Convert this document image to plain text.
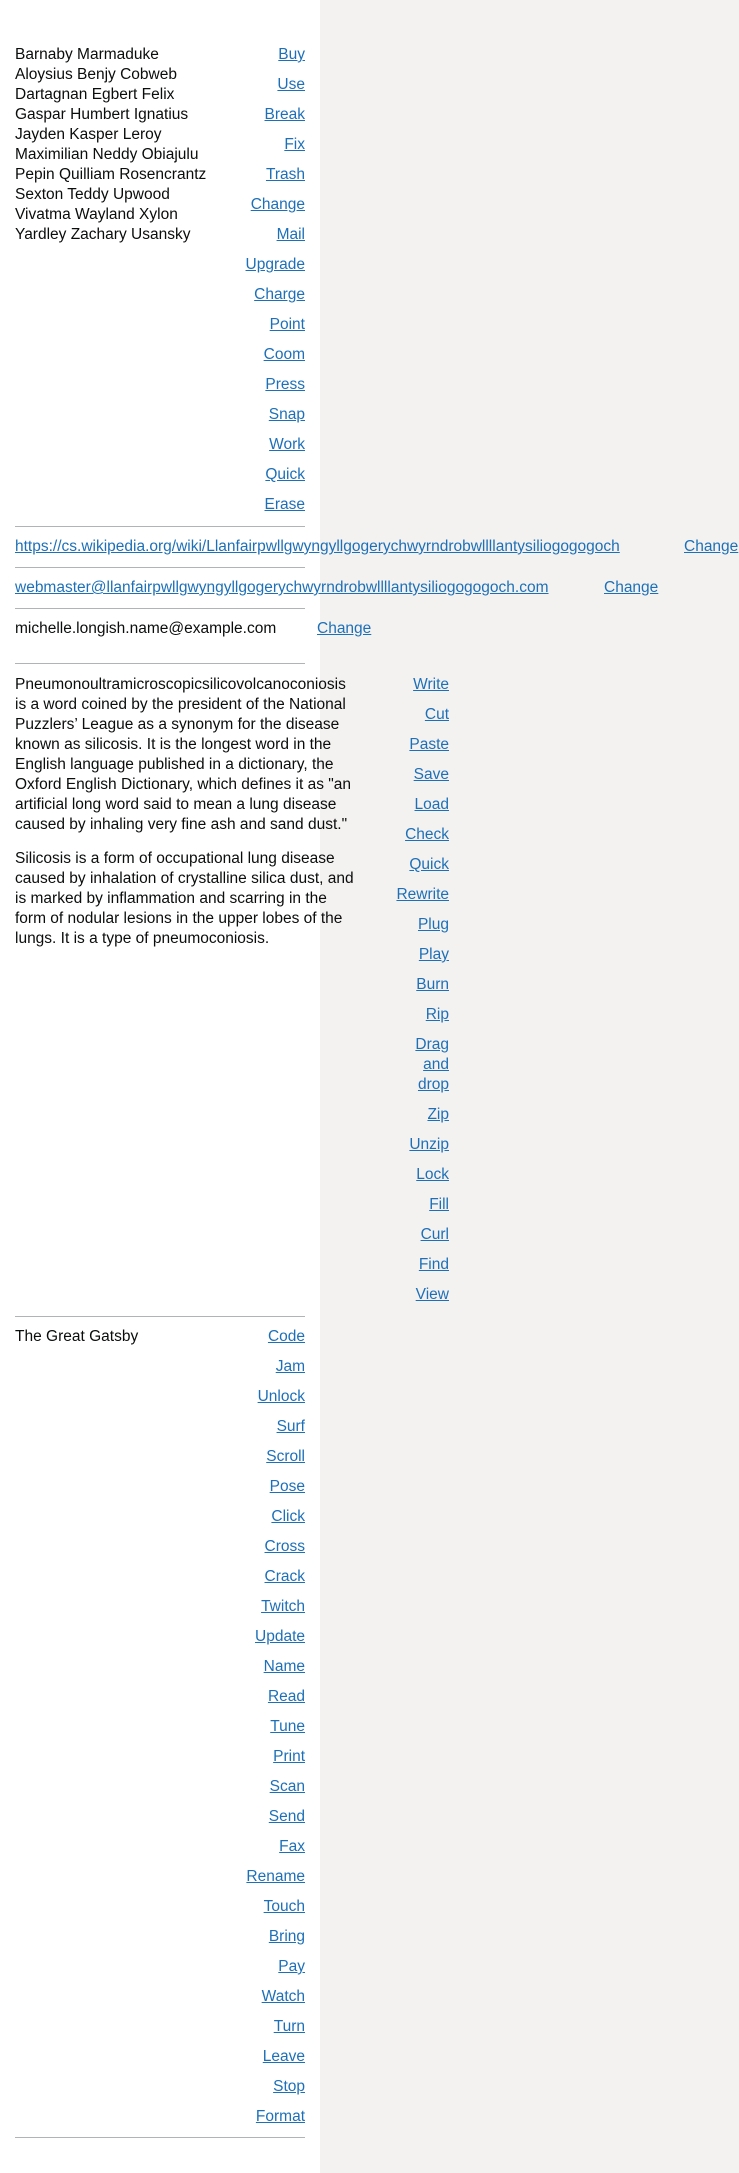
Barnaby Marmaduke
Aloysius Benjy Cobweb
Dartagnan Egbert Felix
Gaspar Humbert Ignatius
Jayden Kasper Leroy
Maximilian Neddy Obiajulu
Pepin Quilliam Rosencrantz
Sexton Teddy Upwood
Vivatma Wayland Xylon
Yardley Zachary Usansky
Buy
Use
Break
Fix
Trash
Change
Mail
Upgrade
Charge
Point
Coom
Press
Snap
Work
Quick
Erase
https://cs.wikipedia.org/wiki/Llanfairpwllgwyngyllgogerychwyrndrobwllllantysiliogogogoch	Change
webmaster@llanfairpwllgwyngyllgogerychwyrndrobwllllantysiliogogogoch.com	Change
michelle.longish.name@example.com	Change

Pneumonoultramicroscopicsilicovolcanoconiosis is a word coined by the president of the National Puzzlers’ League as a synonym for the disease known as silicosis. It is the longest word in the English language published in a dictionary, the Oxford English Dictionary, which defines it as "an artificial long word said to mean a lung disease caused by inhaling very fine ash and sand dust."

Silicosis is a form of occupational lung disease caused by inhalation of crystalline silica dust, and is marked by inflammation and scarring in the form of nodular lesions in the upper lobes of the lungs. It is a type of pneumoconiosis.

Write
Cut
Paste
Save
Load
Check
Quick
Rewrite
Plug
Play
Burn
Rip
Drag and drop
Zip
Unzip
Lock
Fill
Curl
Find
View
The Great Gatsby	Code
Jam
Unlock
Surf
Scroll
Pose
Click
Cross
Crack
Twitch
Update
Name
Read
Tune
Print
Scan
Send
Fax
Rename
Touch
Bring
Pay
Watch
Turn
Leave
Stop
Format
